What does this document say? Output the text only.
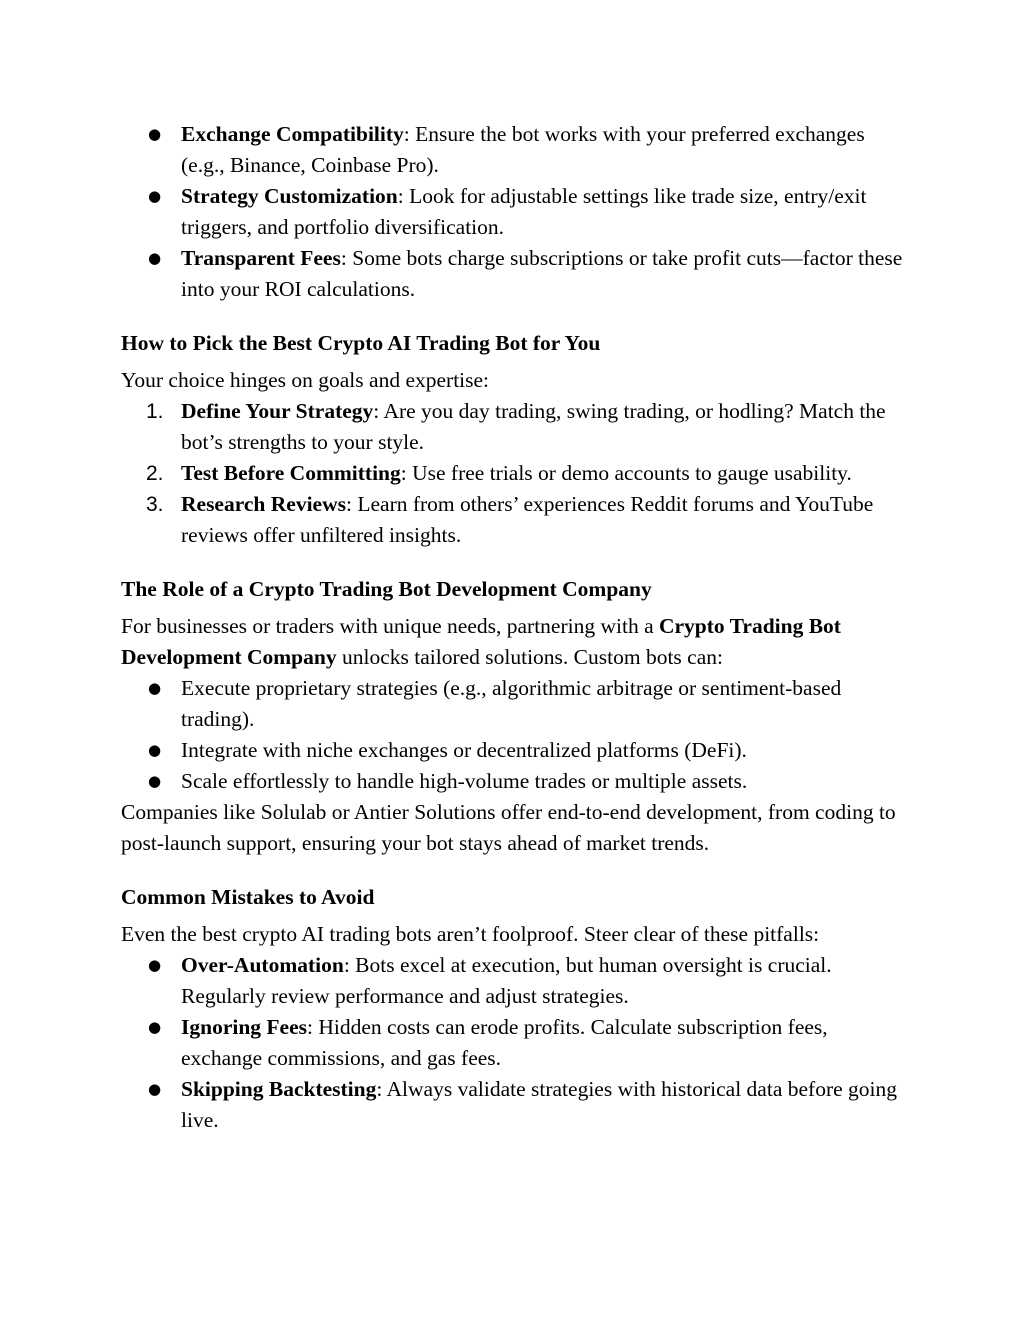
● Exchange Compatibility: Ensure the bot works with your preferred exchanges (e.g., Binance, Coinbase Pro).
● Strategy Customization: Look for adjustable settings like trade size, entry/exit triggers, and portfolio diversification.
● Transparent Fees: Some bots charge subscriptions or take profit cuts—factor these into your ROI calculations.
How to Pick the Best Crypto AI Trading Bot for You

Your choice hinges on goals and expertise:

1. Define Your Strategy: Are you day trading, swing trading, or hodling? Match the bot’s strengths to your style.
2. Test Before Committing: Use free trials or demo accounts to gauge usability.
3. Research Reviews: Learn from others’ experiences Reddit forums and YouTube reviews offer unfiltered insights.
The Role of a Crypto Trading Bot Development Company

For businesses or traders with unique needs, partnering with a Crypto Trading Bot Development Company unlocks tailored solutions. Custom bots can:

● Execute proprietary strategies (e.g., algorithmic arbitrage or sentiment-based trading).
● Integrate with niche exchanges or decentralized platforms (DeFi).
● Scale effortlessly to handle high-volume trades or multiple assets.

Companies like Solulab or Antier Solutions offer end-to-end development, from coding to post-launch support, ensuring your bot stays ahead of market trends.

Common Mistakes to Avoid

Even the best crypto AI trading bots aren’t foolproof. Steer clear of these pitfalls:

● Over-Automation: Bots excel at execution, but human oversight is crucial. Regularly review performance and adjust strategies.
● Ignoring Fees: Hidden costs can erode profits. Calculate subscription fees, exchange commissions, and gas fees.
● Skipping Backtesting: Always validate strategies with historical data before going live.
